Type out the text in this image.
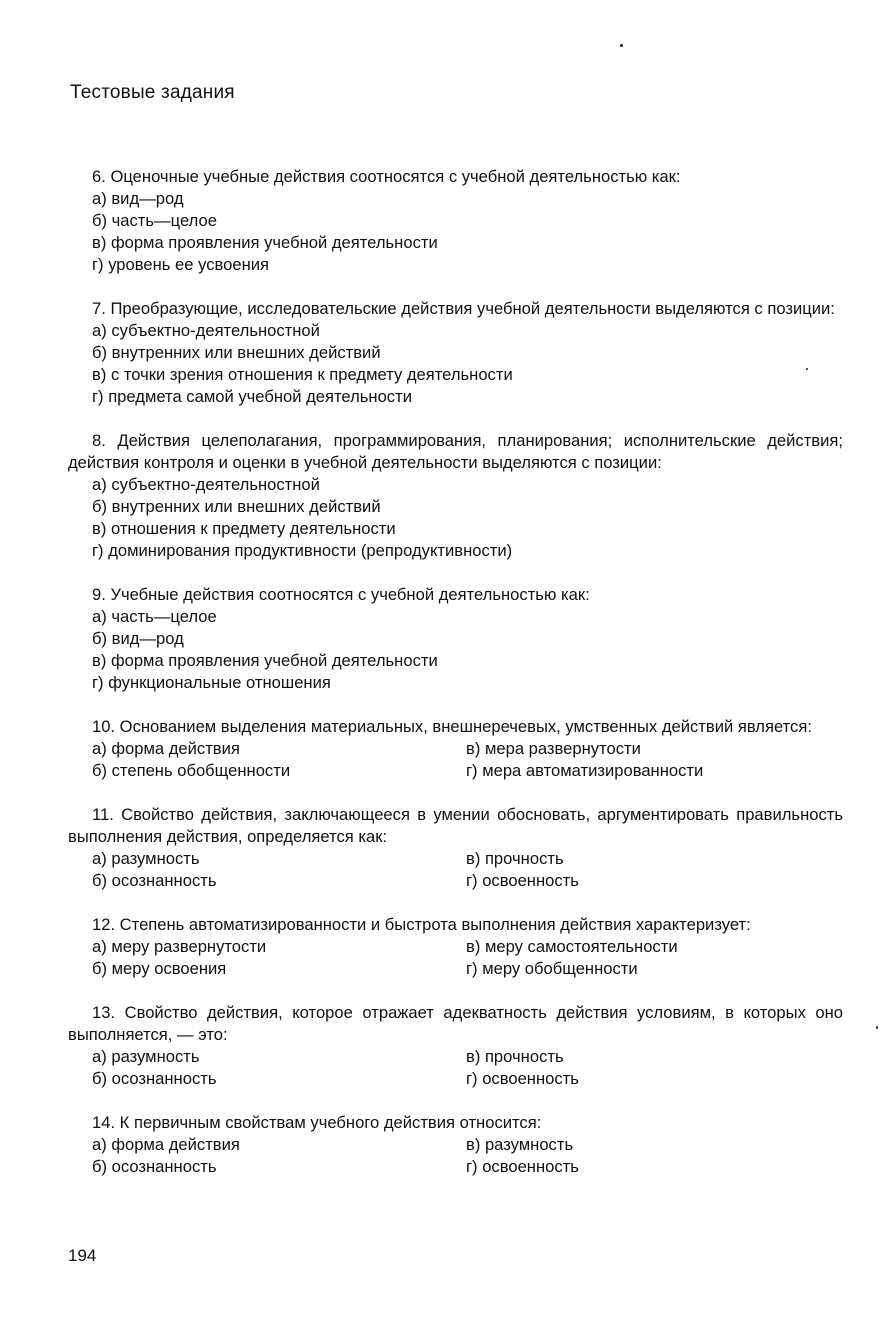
Тестовые задания
6. Оценочные учебные действия соотносятся с учебной деятельностью как:
а) вид—род
б) часть—целое
в) форма проявления учебной деятельности
г) уровень ее усвоения
7. Преобразующие, исследовательские действия учебной деятельности выделяются с позиции:
а) субъектно-деятельностной
б) внутренних или внешних действий
в) с точки зрения отношения к предмету деятельности
г) предмета самой учебной деятельности
8. Действия целеполагания, программирования, планирования; исполнительские действия; действия контроля и оценки в учебной деятельности выделяются с позиции:
а) субъектно-деятельностной
б) внутренних или внешних действий
в) отношения к предмету деятельности
г) доминирования продуктивности (репродуктивности)
9. Учебные действия соотносятся с учебной деятельностью как:
а) часть—целое
б) вид—род
в) форма проявления учебной деятельности
г) функциональные отношения
10. Основанием выделения материальных, внешнеречевых, умственных действий является:
а) форма действия	в) мера развернутости
б) степень обобщенности	г) мера автоматизированности
11. Свойство действия, заключающееся в умении обосновать, аргументировать правильность выполнения действия, определяется как:
а) разумность	в) прочность
б) осознанность	г) освоенность
12. Степень автоматизированности и быстрота выполнения действия характеризует:
а) меру развернутости	в) меру самостоятельности
б) меру освоения	г) меру обобщенности
13. Свойство действия, которое отражает адекватность действия условиям, в которых оно выполняется, — это:
а) разумность	в) прочность
б) осознанность	г) освоенность
14. К первичным свойствам учебного действия относится:
а) форма действия	в) разумность
б) осознанность	г) освоенность
194
